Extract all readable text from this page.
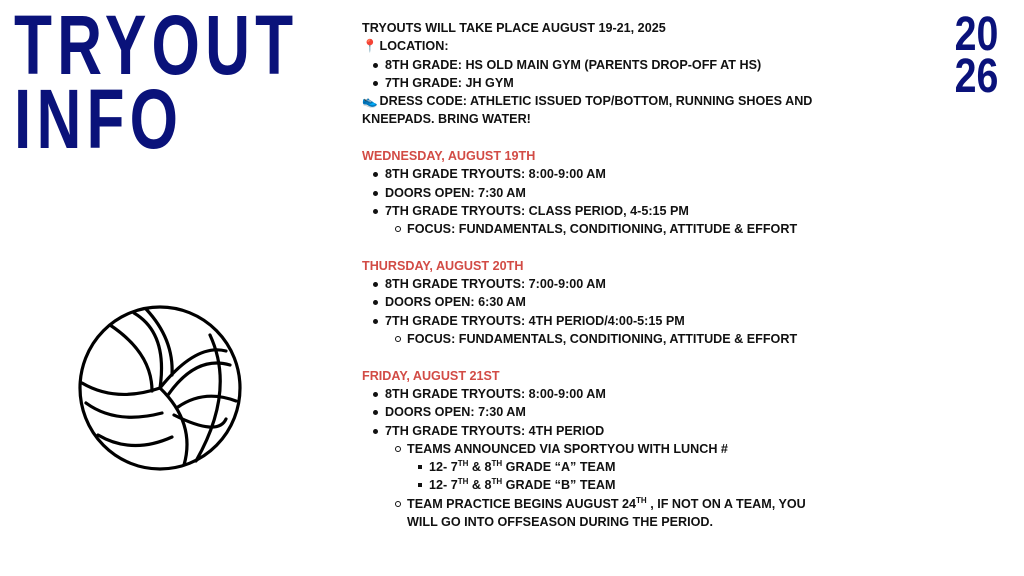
TRYOUT
INFO
20
26

TRYOUTS WILL TAKE PLACE AUGUST 19-21, 2025

📍 LOCATION:

8TH GRADE: HS OLD MAIN GYM (PARENTS DROP-OFF AT HS)
7TH GRADE: JH GYM

👟 DRESS CODE: ATHLETIC ISSUED TOP/BOTTOM, RUNNING SHOES AND KNEEPADS. BRING WATER!

WEDNESDAY, AUGUST 19TH

8TH GRADE TRYOUTS: 8:00-9:00 AM
DOORS OPEN: 7:30 AM
7TH GRADE TRYOUTS: CLASS PERIOD, 4-5:15 PM
FOCUS: FUNDAMENTALS, CONDITIONING, ATTITUDE & EFFORT

THURSDAY, AUGUST 20TH

8TH GRADE TRYOUTS: 7:00-9:00 AM
DOORS OPEN: 6:30 AM
7TH GRADE TRYOUTS: 4TH PERIOD/4:00-5:15 PM
FOCUS: FUNDAMENTALS, CONDITIONING, ATTITUDE & EFFORT

FRIDAY, AUGUST 21ST

8TH GRADE TRYOUTS: 8:00-9:00 AM
DOORS OPEN: 7:30 AM
7TH GRADE TRYOUTS: 4TH PERIOD
TEAMS ANNOUNCED VIA SPORTYOU WITH LUNCH #
12- 7TH & 8TH GRADE “A” TEAM
12- 7TH & 8TH GRADE “B” TEAM
TEAM PRACTICE BEGINS AUGUST 24TH , IF NOT ON A TEAM, YOU WILL GO INTO OFFSEASON DURING THE PERIOD.
